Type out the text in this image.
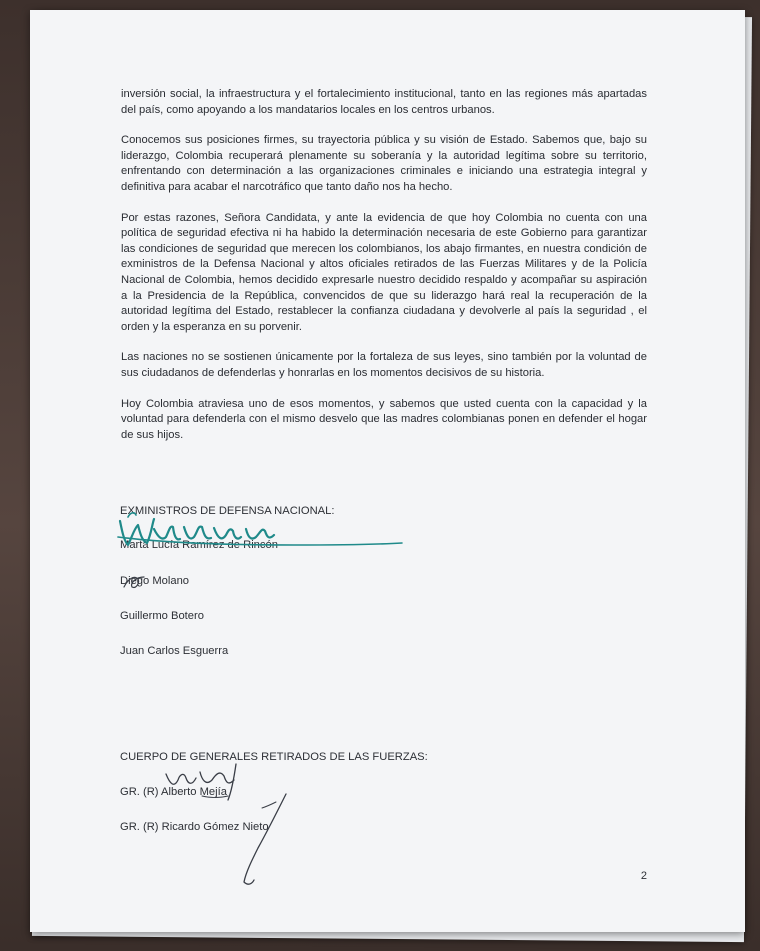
inversión social, la infraestructura y el fortalecimiento institucional, tanto en las regiones más apartadas del país, como apoyando a los mandatarios locales en los centros urbanos.

Conocemos sus posiciones firmes, su trayectoria pública y su visión de Estado. Sabemos que, bajo su liderazgo, Colombia recuperará plenamente su soberanía y la autoridad legítima sobre su territorio, enfrentando con determinación a las organizaciones criminales e iniciando una estrategia integral y definitiva para acabar el narcotráfico que tanto daño nos ha hecho.

Por estas razones, Señora Candidata, y ante la evidencia de que hoy Colombia no cuenta con una política de seguridad efectiva ni ha habido la determinación necesaria de este Gobierno para garantizar las condiciones de seguridad que merecen los colombianos, los abajo firmantes, en nuestra condición de exministros de la Defensa Nacional y altos oficiales retirados de las Fuerzas Militares y de la Policía Nacional de Colombia, hemos decidido expresarle nuestro decidido respaldo y acompañar su aspiración a la Presidencia de la República, convencidos de que su liderazgo hará real la recuperación de la autoridad legítima del Estado, restablecer la confianza ciudadana y devolverle al país la seguridad , el orden y la esperanza en su porvenir.

Las naciones no se sostienen únicamente por la fortaleza de sus leyes, sino también por la voluntad de sus ciudadanos de defenderlas y honrarlas en los momentos decisivos de su historia.

Hoy Colombia atraviesa uno de esos momentos, y sabemos que usted cuenta con la capacidad y la voluntad para defenderla con el mismo desvelo que las madres colombianas ponen en defender el hogar de sus hijos.

EXMINISTROS DE DEFENSA NACIONAL:
Marta Lucía Ramírez de Rincón
Diego Molano
Guillermo Botero
Juan Carlos Esguerra
CUERPO DE GENERALES RETIRADOS DE LAS FUERZAS:
GR. (R) Alberto Mejía
GR. (R) Ricardo Gómez Nieto
2
